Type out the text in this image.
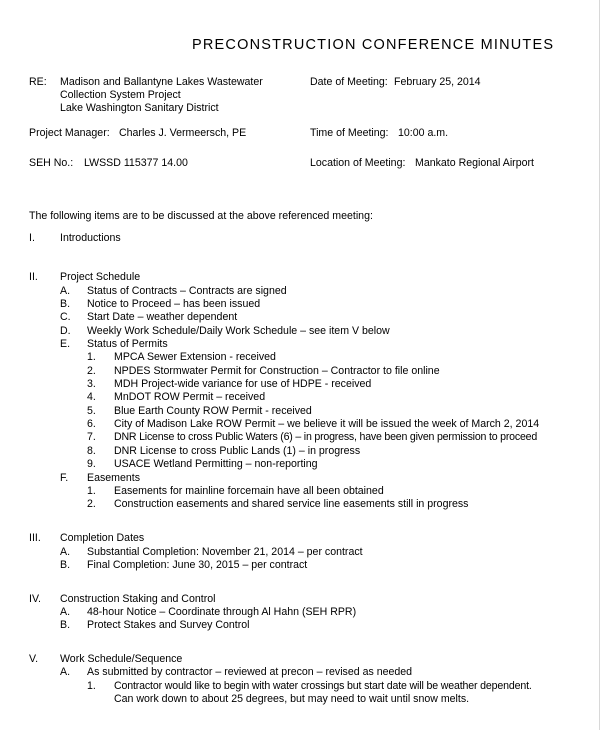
PRECONSTRUCTION CONFERENCE MINUTES
RE: Madison and Ballantyne Lakes Wastewater
Collection System Project
Lake Washington Sanitary District
Date of Meeting: February 25, 2014
Project Manager: Charles J. Vermeersch, PE	Time of Meeting: 10:00 a.m.
SEH No.: LWSSD 115377 14.00	Location of Meeting: Mankato Regional Airport
The following items are to be discussed at the above referenced meeting:
I. Introductions
II. Project Schedule
A. Status of Contracts – Contracts are signed
B. Notice to Proceed – has been issued
C. Start Date – weather dependent
D. Weekly Work Schedule/Daily Work Schedule – see item V below
E. Status of Permits
1. MPCA Sewer Extension - received
2. NPDES Stormwater Permit for Construction – Contractor to file online
3. MDH Project-wide variance for use of HDPE - received
4. MnDOT ROW Permit – received
5. Blue Earth County ROW Permit - received
6. City of Madison Lake ROW Permit – we believe it will be issued the week of March 2, 2014
7. DNR License to cross Public Waters (6) – in progress, have been given permission to proceed
8. DNR License to cross Public Lands (1) – in progress
9. USACE Wetland Permitting – non-reporting
F. Easements
1. Easements for mainline forcemain have all been obtained
2. Construction easements and shared service line easements still in progress
III. Completion Dates
A. Substantial Completion: November 21, 2014 – per contract
B. Final Completion: June 30, 2015 – per contract
IV. Construction Staking and Control
A. 48-hour Notice – Coordinate through Al Hahn (SEH RPR)
B. Protect Stakes and Survey Control
V. Work Schedule/Sequence
A. As submitted by contractor – reviewed at precon – revised as needed
1. Contractor would like to begin with water crossings but start date will be weather dependent.
Can work down to about 25 degrees, but may need to wait until snow melts.
